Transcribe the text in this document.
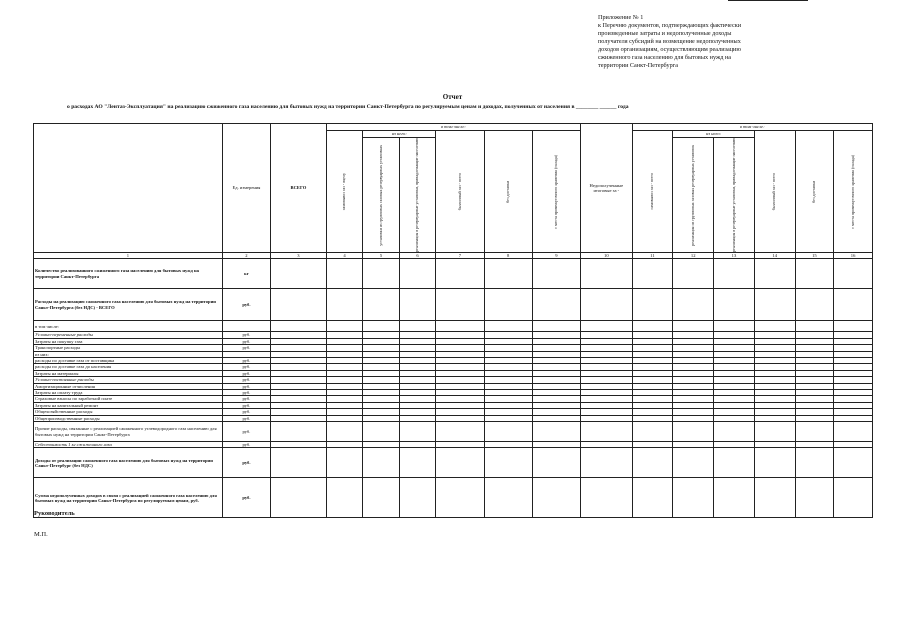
Приложение № 1
к Перечню документов, подтверждающих фактически
произведенные затраты и недополученные доходы
получателя субсидий на возмещение недополученных
доходов организациям, осуществляющим реализацию
сжиженного газа населению для бытовых нужд на
территории Санкт-Петербурга
Отчет
о расходах АО "Лентаз-Эксплуатация" на реализацию сжиженного газа населению для бытовых нужд на территории Санкт-Петербурга по регулируемым ценам и доходах, полученных от населения в ________ ______ года
	Ед. измерения	ВСЕГО	в том числе:						Недополученные итоговые за -	в том числе:					

			самовывоз газ - вцелу	из него:		баллонный газ - всего	без доставки	с места промежуточного хранения (склада)		самовывоз газ - всего	из него:		баллонный газ - всего	без доставки	с места промежуточного хранения (склада)

				установки из групповых газовых резервуарных установках	реализация в резервуарные установки, принадлежащие населению						реализация из групповых газовых резервуарных установок	реализация в резервуарные установки, принадлежащие населению			

1	2	3	4	5	6	7	8	9	10	11	12	13	14	15	16
Количество реализованного сжиженного газа населению для бытовых нужд на территории Санкт-Петербурга	кг														
Расходы на реализацию сжиженного газа населению для бытовых нужд на территории Санкт-Петербурга (без НДС) - ВСЕГО	руб.														
в том числе:															
Условно-переменные расходы	руб.														
Затраты на покупку газа	руб.														
Транспортные расходы	руб.														
из них:															
расходы по доставке газа от поставщика	руб.														
расходы по доставке газа до населения	руб.														
Затраты на материалы	руб.														
Условно-постоянные расходы	руб.														
Амортизационные отчисления	руб.														
Затраты на оплату труда	руб.														
Страховые взносы по заработной плате	руб.														
Затраты на капитальный ремонт	руб.														
Общехозяйственные расходы	руб.														
Общепроизводственные расходы	руб.														
Прочие расходы, связанные с реализацией сжиженного углеводородного газа населению для бытовых нужд на территории Санкт-Петербурга	руб.														
Себестоимость 1 кг сжиженного газа	руб.														
Доходы от реализации сжиженного газа населению для бытовых нужд на территории Санкт-Петербург (без НДС)	руб.														
Сумма недополученных доходов в связи с реализацией сжиженного газа населению для бытовых нужд на территории Санкт-Петербурга по регулируемым ценам, руб.	руб.														
Руководитель
М.П.
